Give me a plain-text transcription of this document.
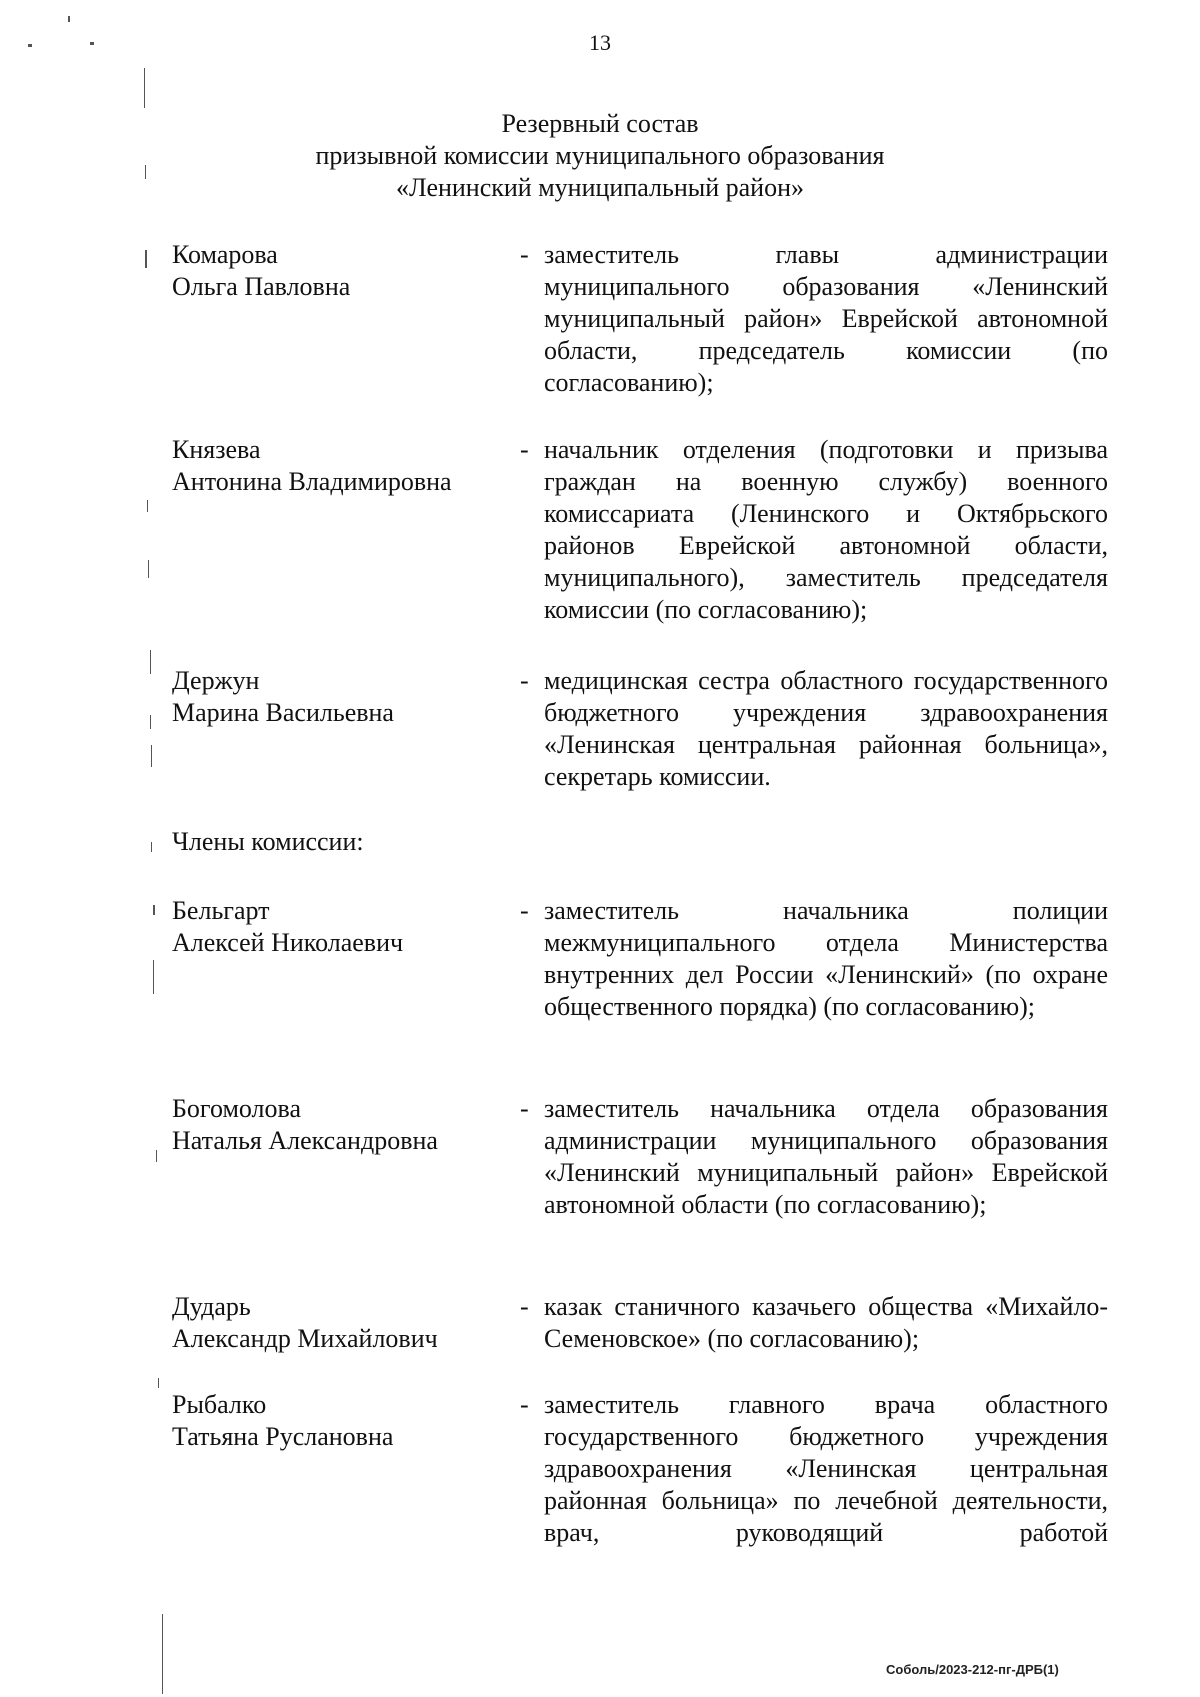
13
Резервный состав
призывной комиссии муниципального образования
«Ленинский муниципальный район»
Комарова
Ольга Павловна
- заместитель главы администрации муниципального образования «Ленинский муниципальный район» Еврейской автономной области, председатель комиссии (по согласованию);
Князева
Антонина Владимировна
- начальник отделения (подготовки и призыва граждан на военную службу) военного комиссариата (Ленинского и Октябрьского районов Еврейской автономной области, муниципального), заместитель председателя комиссии (по согласованию);
Держун
Марина Васильевна
- медицинская сестра областного государственного бюджетного учреждения здравоохранения «Ленинская центральная районная больница», секретарь комиссии.
Члены комиссии:
Бельгарт
Алексей Николаевич
- заместитель начальника полиции межмуниципального отдела Министерства внутренних дел России «Ленинский» (по охране общественного порядка) (по согласованию);
Богомолова
Наталья Александровна
- заместитель начальника отдела образования администрации муниципального образования «Ленинский муниципальный район» Еврейской автономной области (по согласованию);
Дударь
Александр Михайлович
- казак станичного казачьего общества «Михайло-Семеновское» (по согласованию);
Рыбалко
Татьяна Руслановна
- заместитель главного врача областного государственного бюджетного учреждения здравоохранения «Ленинская центральная районная больница» по лечебной деятельности, врач, руководящий работой
Соболь/2023-212-пг-ДРБ(1)
